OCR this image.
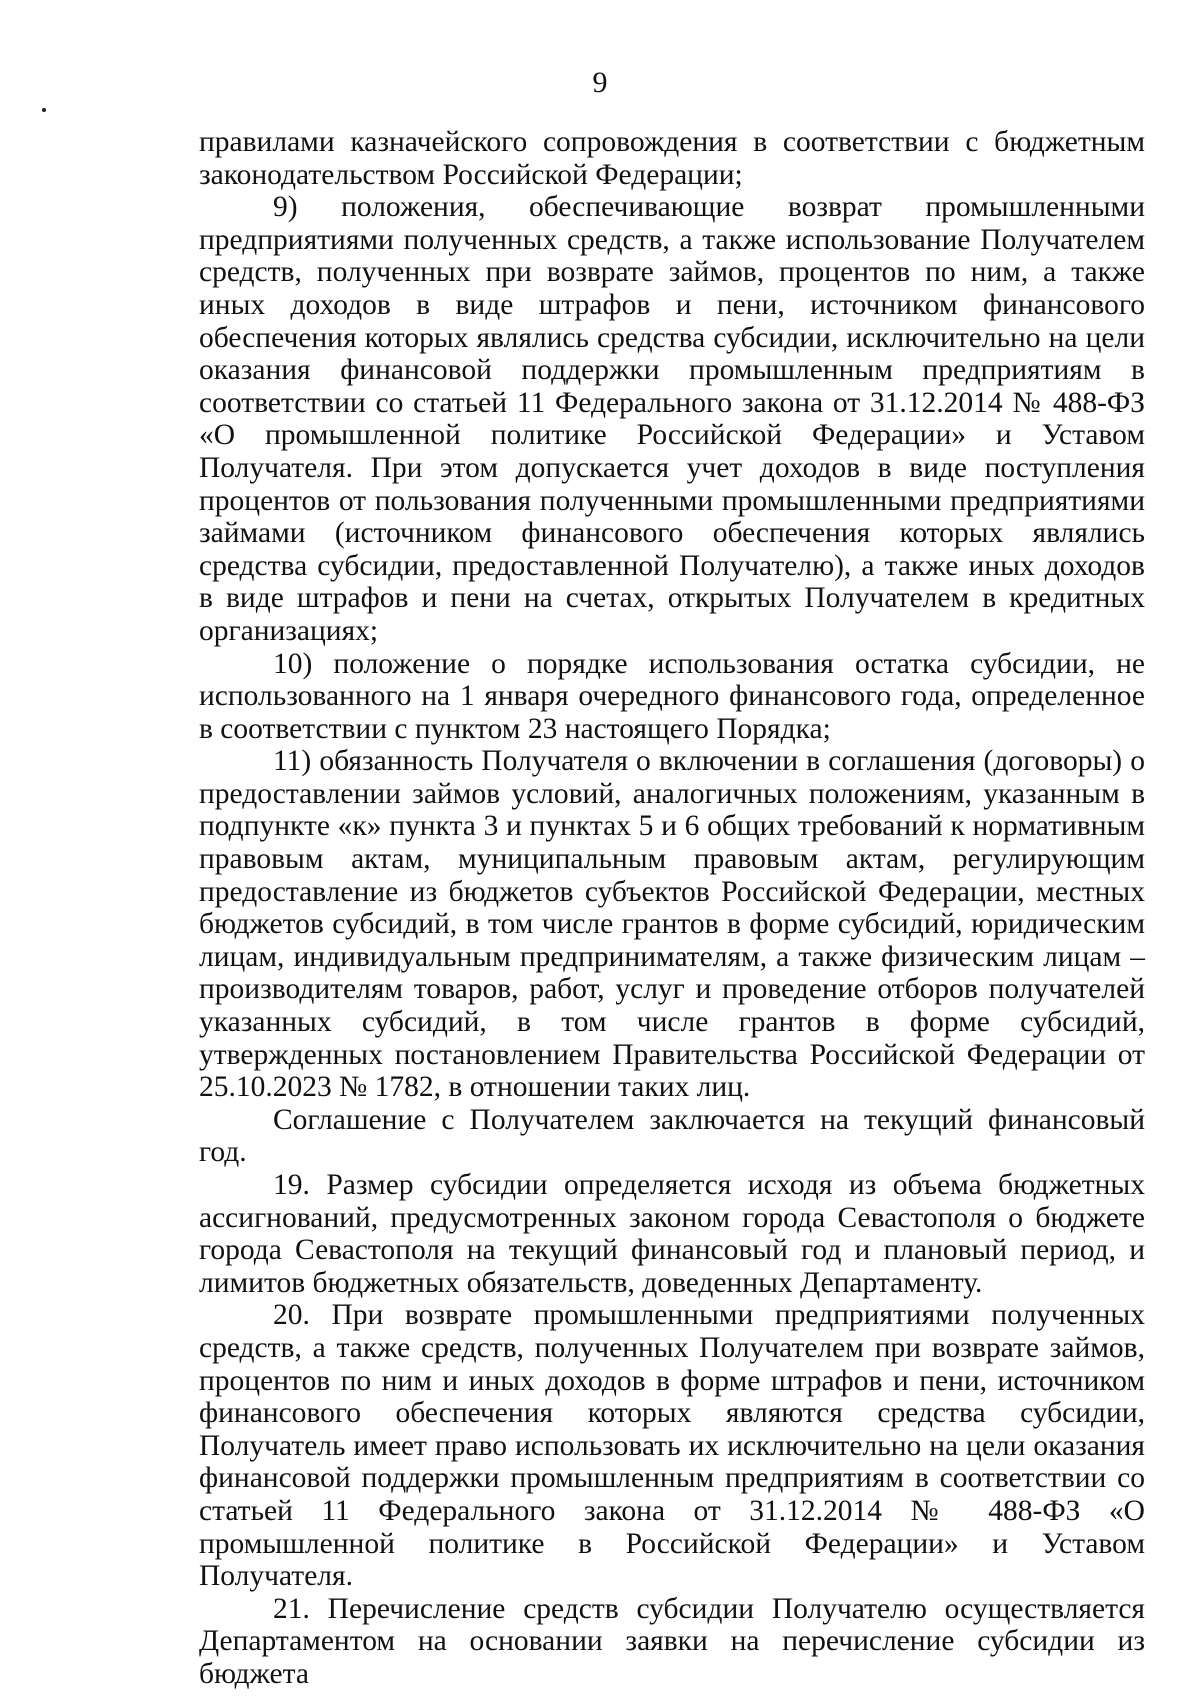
9

правилами казначейского сопровождения в соответствии с бюджетным законодательством Российской Федерации;

9) положения, обеспечивающие возврат промышленными предприятиями полученных средств, а также использование Получателем средств, полученных при возврате займов, процентов по ним, а также иных доходов в виде штрафов и пени, источником финансового обеспечения которых являлись средства субсидии, исключительно на цели оказания финансовой поддержки промышленным предприятиям в соответствии со статьей 11 Федерального закона от 31.12.2014 № 488-ФЗ «О промышленной политике Российской Федерации» и Уставом Получателя. При этом допускается учет доходов в виде поступления процентов от пользования полученными промышленными предприятиями займами (источником финансового обеспечения которых являлись средства субсидии, предоставленной Получателю), а также иных доходов в виде штрафов и пени на счетах, открытых Получателем в кредитных организациях;

10) положение о порядке использования остатка субсидии, не использованного на 1 января очередного финансового года, определенное в соответствии с пунктом 23 настоящего Порядка;

11) обязанность Получателя о включении в соглашения (договоры) о предоставлении займов условий, аналогичных положениям, указанным в подпункте «к» пункта 3 и пунктах 5 и 6 общих требований к нормативным правовым актам, муниципальным правовым актам, регулирующим предоставление из бюджетов субъектов Российской Федерации, местных бюджетов субсидий, в том числе грантов в форме субсидий, юридическим лицам, индивидуальным предпринимателям, а также физическим лицам – производителям товаров, работ, услуг и проведение отборов получателей указанных субсидий, в том числе грантов в форме субсидий, утвержденных постановлением Правительства Российской Федерации от 25.10.2023 № 1782, в отношении таких лиц.

Соглашение с Получателем заключается на текущий финансовый год.

19. Размер субсидии определяется исходя из объема бюджетных ассигнований, предусмотренных законом города Севастополя о бюджете города Севастополя на текущий финансовый год и плановый период, и лимитов бюджетных обязательств, доведенных Департаменту.

20. При возврате промышленными предприятиями полученных средств, а также средств, полученных Получателем при возврате займов, процентов по ним и иных доходов в форме штрафов и пени, источником финансового обеспечения которых являются средства субсидии, Получатель имеет право использовать их исключительно на цели оказания финансовой поддержки промышленным предприятиям в соответствии со статьей 11 Федерального закона от 31.12.2014 № 488-ФЗ «О промышленной политике в Российской Федерации» и Уставом Получателя.

21. Перечисление средств субсидии Получателю осуществляется Департаментом на основании заявки на перечисление субсидии из бюджета
